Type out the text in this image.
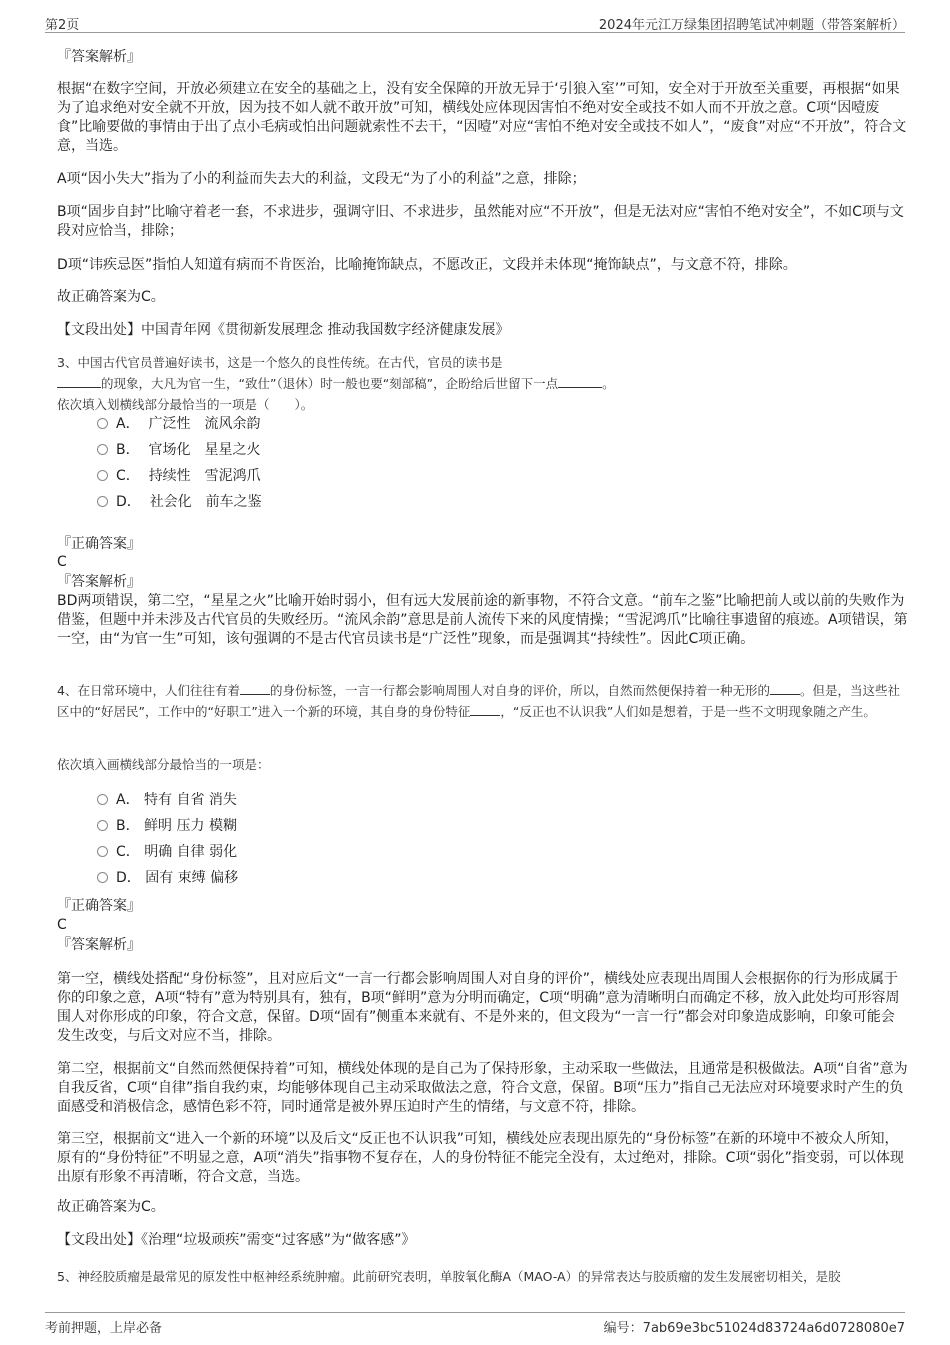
第2页	2024年元江万绿集团招聘笔试冲刺题（带答案解析）

『答案解析』

根据“在数字空间，开放必须建立在安全的基础之上，没有安全保障的开放无异于‘引狼入室’”可知，安全对于开放至关重要，再根据“如果为了追求绝对安全就不开放，因为技不如人就不敢开放”可知，横线处应体现因害怕不绝对安全或技不如人而不开放之意。C项“因噎废食”比喻要做的事情由于出了点小毛病或怕出问题就索性不去干，“因噎”对应“害怕不绝对安全或技不如人”，“废食”对应“不开放”，符合文意，当选。

A项“因小失大”指为了小的利益而失去大的利益，文段无“为了小的利益”之意，排除；

B项“固步自封”比喻守着老一套，不求进步，强调守旧、不求进步，虽然能对应“不开放”，但是无法对应“害怕不绝对安全”，不如C项与文段对应恰当，排除；

D项“讳疾忌医”指怕人知道有病而不肯医治，比喻掩饰缺点，不愿改正，文段并未体现“掩饰缺点”，与文意不符，排除。

故正确答案为C。

【文段出处】中国青年网《贯彻新发展理念 推动我国数字经济健康发展》

3、中国古代官员普遍好读书，这是一个悠久的良性传统。在古代，官员的读书是

的现象，大凡为官一生，“致仕”（退休）时一般也要“刻部稿”，企盼给后世留下一点	。

依次填入划横线部分最恰当的一项是（　　）。

A． 广泛性　流风余韵
B． 官场化　星星之火
C． 持续性　雪泥鸿爪
D． 社会化　前车之鉴

『正确答案』

C

『答案解析』

BD两项错误，第二空，“星星之火”比喻开始时弱小，但有远大发展前途的新事物，不符合文意。“前车之鉴”比喻把前人或以前的失败作为借鉴，但题中并未涉及古代官员的失败经历。“流风余韵”意思是前人流传下来的风度情操；“雪泥鸿爪”比喻往事遗留的痕迹。A项错误，第一空，由“为官一生”可知，该句强调的不是古代官员读书是“广泛性”现象，而是强调其“持续性”。因此C项正确。

4、在日常环境中，人们往往有着 的身份标签，一言一行都会影响周围人对自身的评价，所以，自然而然便保持着一种无形的 。但是，当这些社区中的“好居民”，工作中的“好职工”进入一个新的环境，其自身的身份特征 ，“反正也不认识我”人们如是想着，于是一些不文明现象随之产生。

依次填入画横线部分最恰当的一项是：

A． 特有 自省 消失
B． 鲜明 压力 模糊
C． 明确 自律 弱化
D． 固有 束缚 偏移

『正确答案』

C

『答案解析』

第一空，横线处搭配“身份标签”，且对应后文“一言一行都会影响周围人对自身的评价”，横线处应表现出周围人会根据你的行为形成属于你的印象之意，A项“特有”意为特别具有，独有，B项“鲜明”意为分明而确定，C项“明确”意为清晰明白而确定不移，放入此处均可形容周围人对你形成的印象，符合文意，保留。D项“固有”侧重本来就有、不是外来的，但文段为“一言一行”都会对印象造成影响，印象可能会发生改变，与后文对应不当，排除。

第二空，根据前文“自然而然便保持着”可知，横线处体现的是自己为了保持形象，主动采取一些做法，且通常是积极做法。A项“自省”意为自我反省，C项“自律”指自我约束，均能够体现自己主动采取做法之意，符合文意，保留。B项“压力”指自己无法应对环境要求时产生的负面感受和消极信念，感情色彩不符，同时通常是被外界压迫时产生的情绪，与文意不符，排除。

第三空，根据前文“进入一个新的环境”以及后文“反正也不认识我”可知，横线处应表现出原先的“身份标签”在新的环境中不被众人所知，原有的“身份特征”不明显之意，A项“消失”指事物不复存在，人的身份特征不能完全没有，太过绝对，排除。C项“弱化”指变弱，可以体现出原有形象不再清晰，符合文意，当选。

故正确答案为C。

【文段出处】《治理“垃圾顽疾”需变“过客感”为“做客感”》

5、神经胶质瘤是最常见的原发性中枢神经系统肿瘤。此前研究表明，单胺氧化酶A（MAO-A）的异常表达与胶质瘤的发生发展密切相关，是胶

考前押题，上岸必备	编号：7ab69e3bc51024d83724a6d0728080e7
